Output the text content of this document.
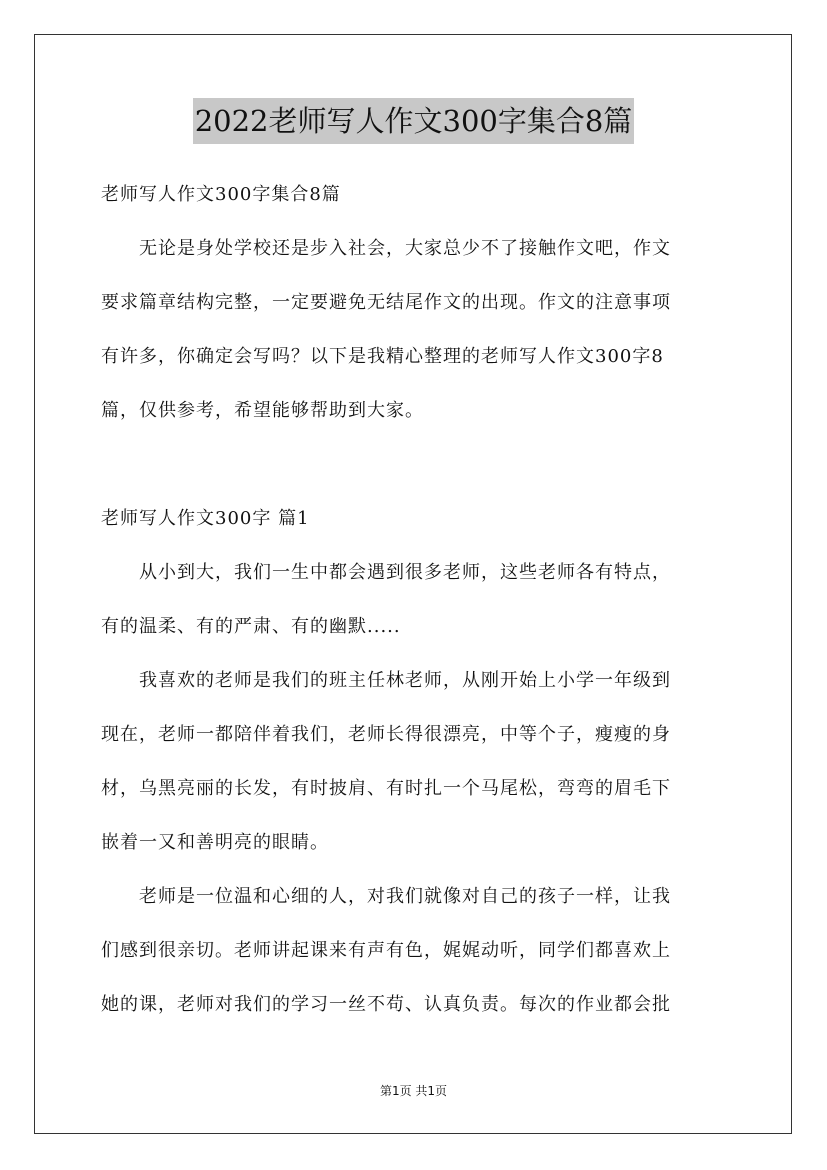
2022老师写人作文300字集合8篇
老师写人作文300字集合8篇
无论是身处学校还是步入社会，大家总少不了接触作文吧，作文
要求篇章结构完整，一定要避免无结尾作文的出现。作文的注意事项
有许多，你确定会写吗？以下是我精心整理的老师写人作文300字8
篇，仅供参考，希望能够帮助到大家。
老师写人作文300字 篇1
从小到大，我们一生中都会遇到很多老师，这些老师各有特点，
有的温柔、有的严肃、有的幽默.....
我喜欢的老师是我们的班主任林老师，从刚开始上小学一年级到
现在，老师一都陪伴着我们，老师长得很漂亮，中等个子，瘦瘦的身
材，乌黑亮丽的长发，有时披肩、有时扎一个马尾松，弯弯的眉毛下
嵌着一又和善明亮的眼睛。
老师是一位温和心细的人，对我们就像对自己的孩子一样，让我
们感到很亲切。老师讲起课来有声有色，娓娓动听，同学们都喜欢上
她的课，老师对我们的学习一丝不苟、认真负责。每次的作业都会批
第1页 共1页
